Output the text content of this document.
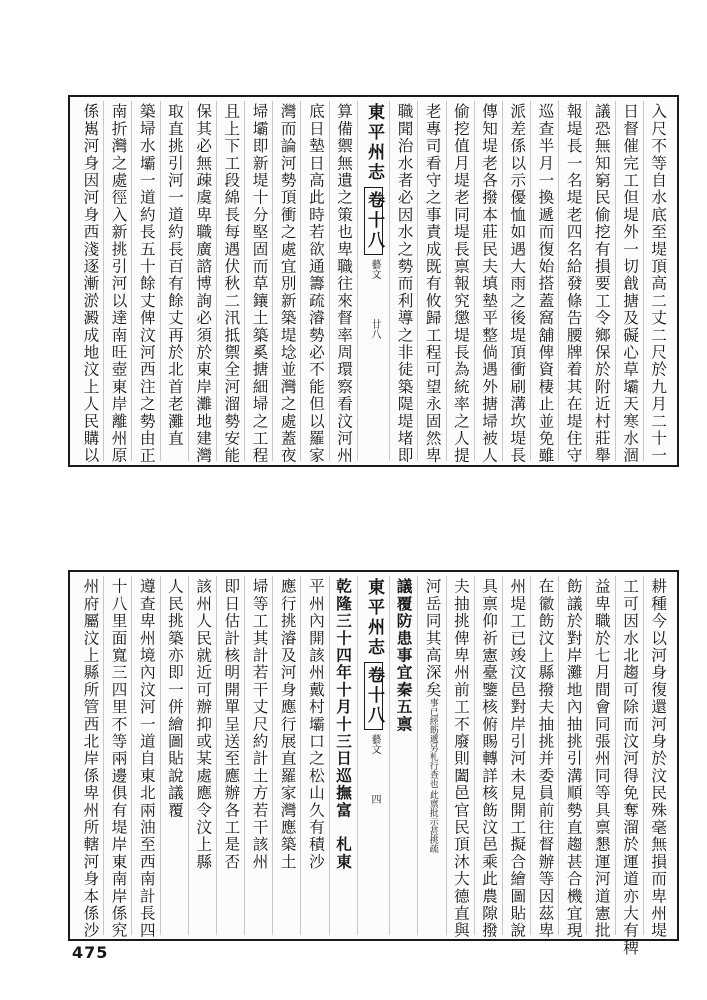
入尺不等自水底至堤頂高二丈二尺於九月二十一
日督催完工但堤外一切戧搪及礙心草壩天寒水涸
議恐無知窮民偷挖有損要工令鄉保於附近村莊舉
報堤長一名堤老四名給發條告腰牌着其在堤住守
巡查半月一換遞而復始搭蓋窩舖俾資棲止並免雖
派差係以示優恤如遇大雨之後堤頂衝刷溝坎堤長
傳知堤老各撥本莊民夫填墊平整倘遇外搪埽被人
偷挖值月堤老同堤長禀報究懲堤長為統率之人提
老專司看守之事責成既有攸歸工程可望永固然卑
職聞治水者必因水之勢而利導之非徒築隄堤堵即
東平州志卷十八藝文　　廿八
算備禦無遺之策也卑職往來督率周環察看汶河州
底日墊日高此時若欲通籌疏濬勢必不能但以羅家
灣而論河勢頂衝之處宜別新築堤埝並灣之處蓋夜
埽壩即新堤十分堅固而草鑲土築奚搪細埽之工程
且上下工段綿長每遇伏秋二汛抵禦全河溜勢安能
保其必無疎虞卑職廣諮博詢必須於東岸灘地建灣
取直挑引河一道約長百有餘丈再於北首老灘直
築埽水壩一道約長五十餘丈俾汶河西注之勢由正
南折灣之處徑入新挑引河以達南旺壺東岸離州原
係嶲河身因河身西淺逐漸淤澱成地汶上人民購以
耕種今以河身復還河身於汶民殊毫無損而卑州堤
工可因水北趨可除而汶河得免奪溜於運道亦大有稗
益卑職於七月間會同張州同等具禀懇運河道憲批
飭議於對岸灘地內抽挑引溝順勢直趨甚合機宜現
在徽飭汶上縣撥夫抽挑并委員前往督辦等因茲卑
州堤工已竣汶邑對岸引河未見開工擬合繪圖貼說
具禀仰祈憲臺鑒核俯賜轉詳核飭汶邑乘此農隙撥
夫抽挑俾卑州前工不廢則闔邑官民頂沐大德直與
河岳同其高深矣
此禀批示甚挑疏
事已經飭遞另札行查也
議覆防患事宜秦五禀
東平州志卷十八藝文　　四
乾隆三十四年十月十三日巡撫富　札東
平州內開該州戴村壩口之松山久有積沙
應行挑濬及河身應行展直羅家灣應築土
埽等工其計若干丈尺約計土方若干該州
即日估計核明開單呈送至應辦各工是否
該州人民就近可辦抑或某處應令汶上縣
人民挑築亦即一併繪圖貼說議覆
遵查卑州境內汶河一道自東北兩油至西南計長四
十八里面寬三四里不等兩邊俱有堤岸東南岸係究
州府屬汶上縣所管西北岸係卑州所轄河身本係沙
475
